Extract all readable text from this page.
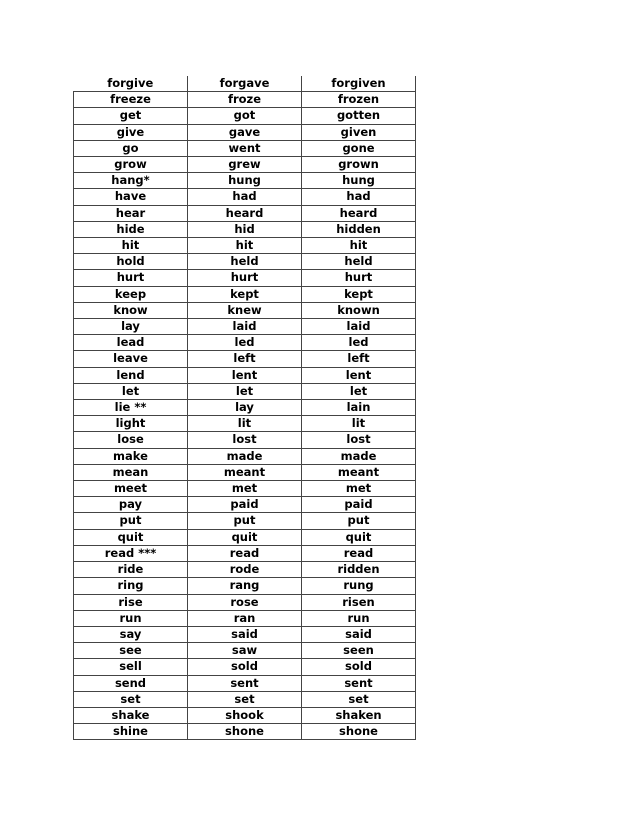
forgive	forgave	forgiven
freeze	froze	frozen
get	got	gotten
give	gave	given
go	went	gone
grow	grew	grown
hang*	hung	hung
have	had	had
hear	heard	heard
hide	hid	hidden
hit	hit	hit
hold	held	held
hurt	hurt	hurt
keep	kept	kept
know	knew	known
lay	laid	laid
lead	led	led
leave	left	left
lend	lent	lent
let	let	let
lie **	lay	lain
light	lit	lit
lose	lost	lost
make	made	made
mean	meant	meant
meet	met	met
pay	paid	paid
put	put	put
quit	quit	quit
read ***	read	read
ride	rode	ridden
ring	rang	rung
rise	rose	risen
run	ran	run
say	said	said
see	saw	seen
sell	sold	sold
send	sent	sent
set	set	set
shake	shook	shaken
shine	shone	shone
